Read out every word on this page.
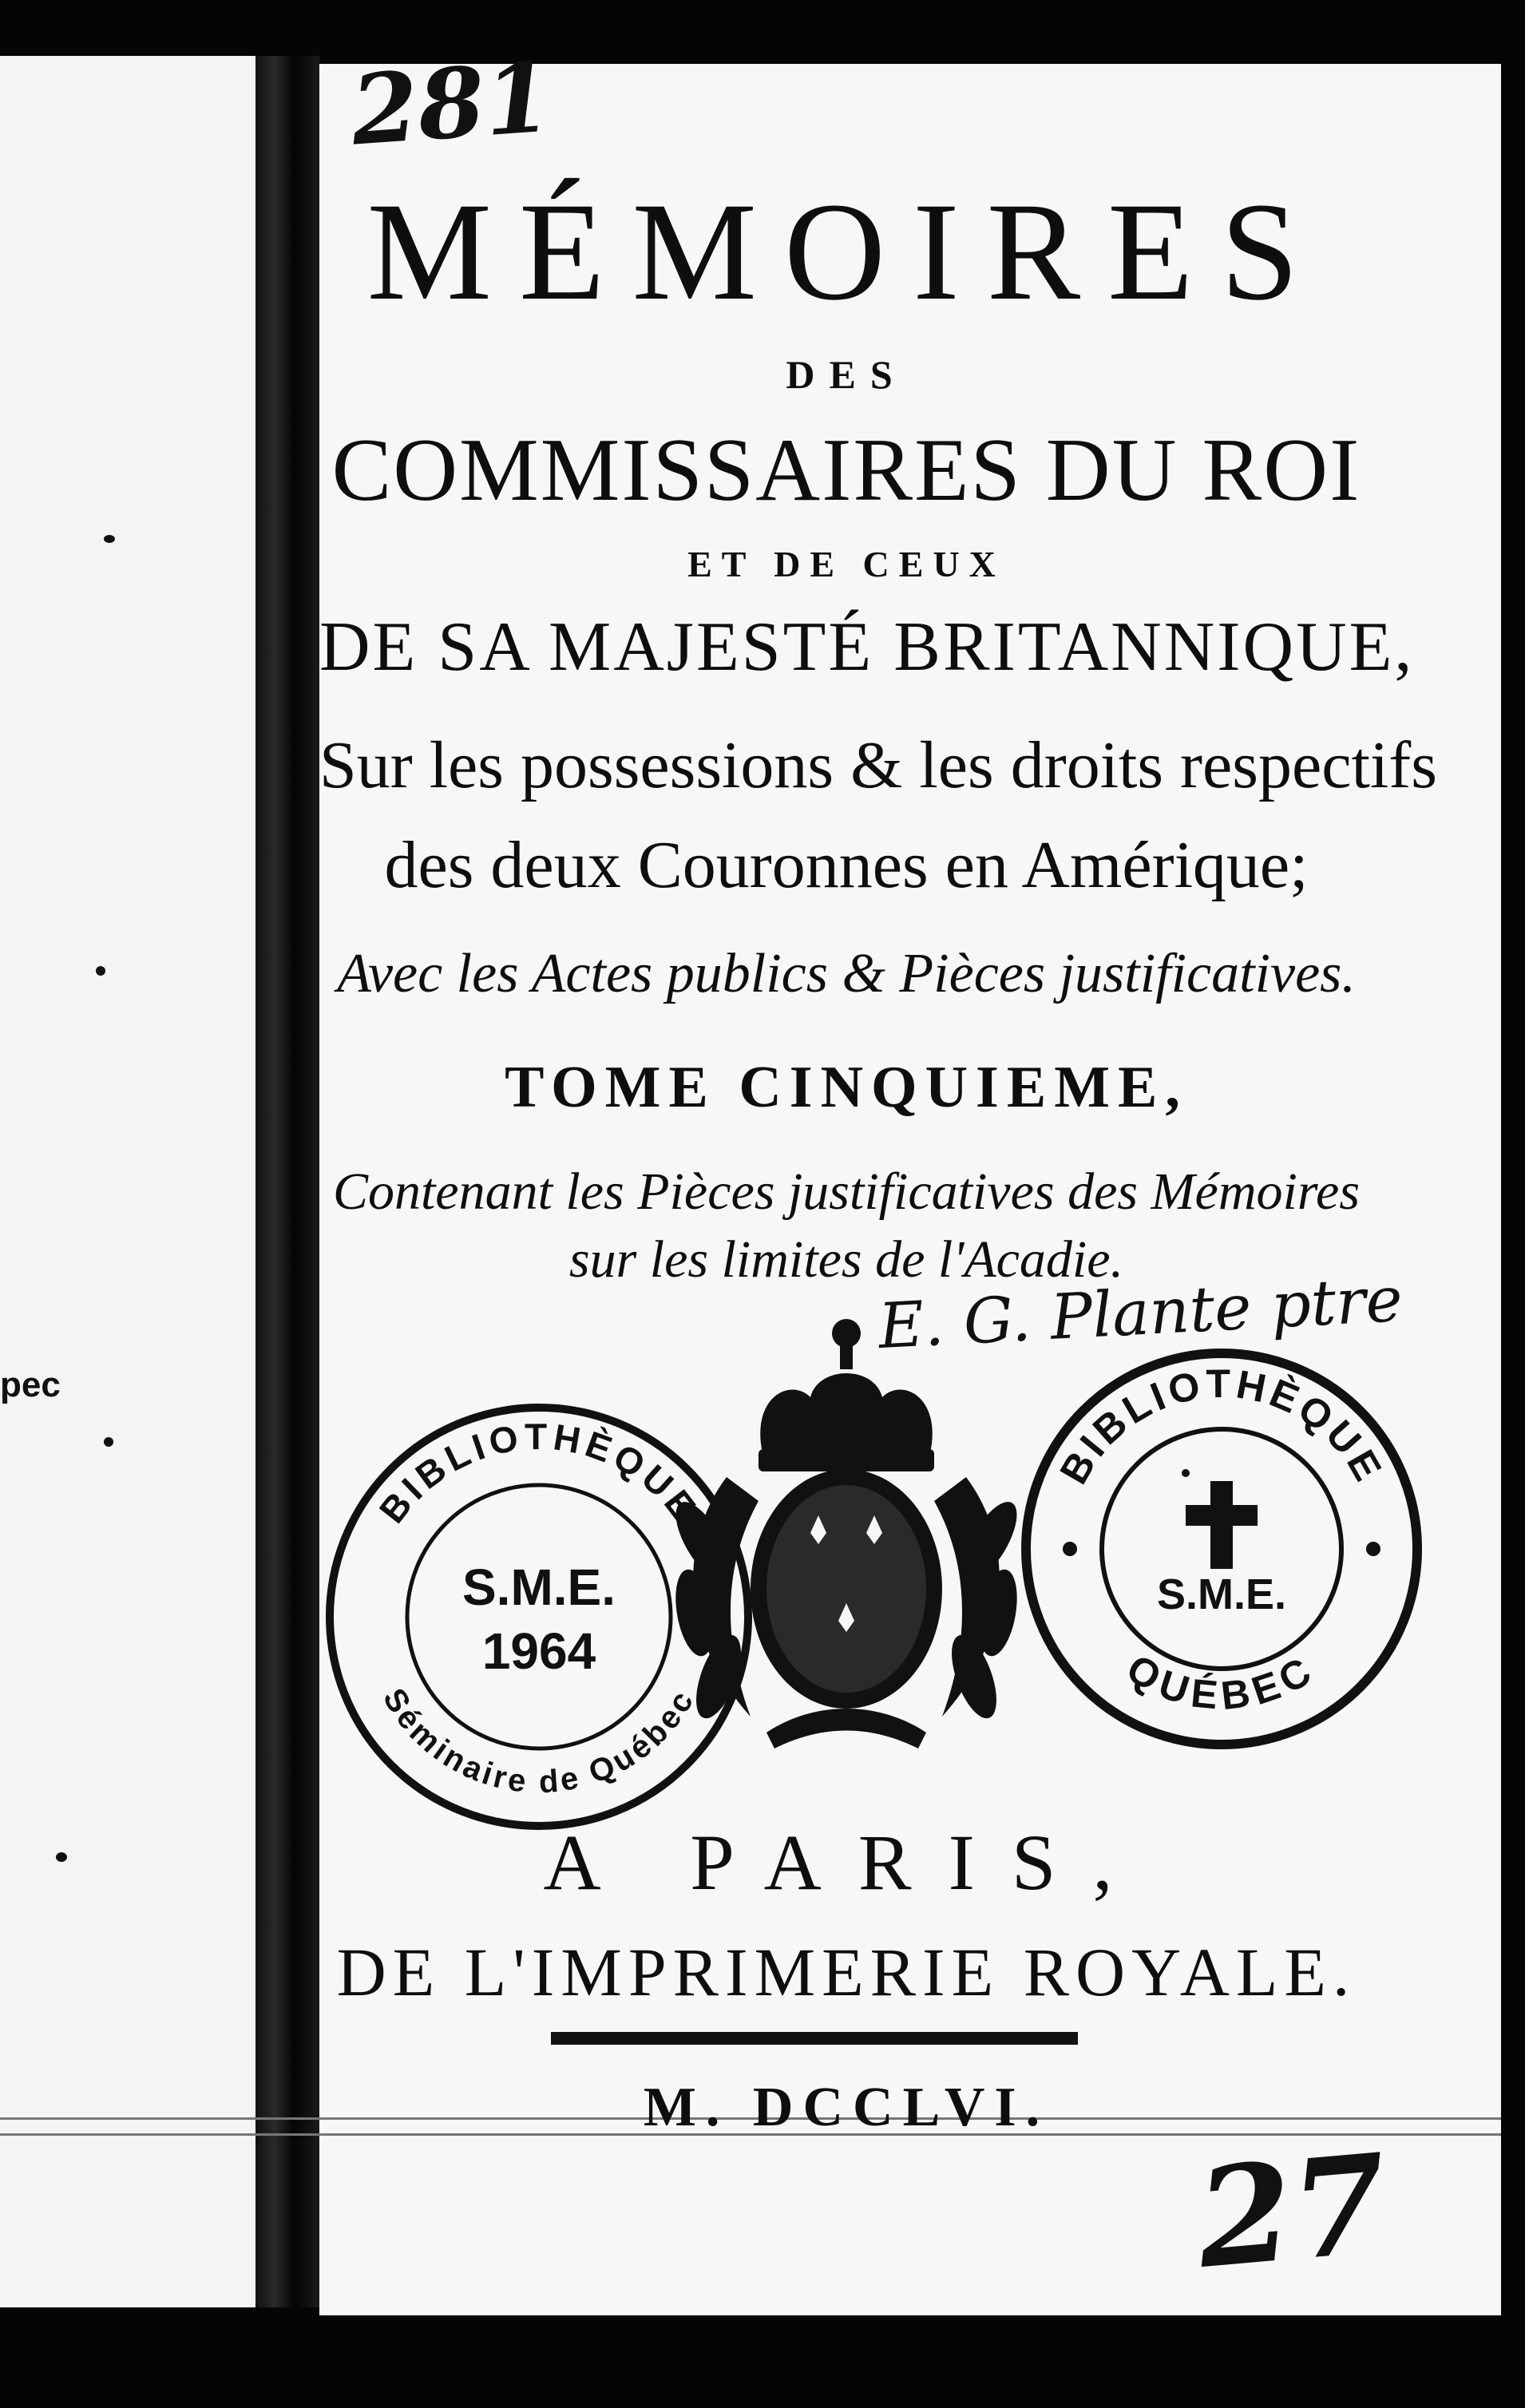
pec
281
MÉMOIRES
DES
COMMISSAIRES DU ROI
ET DE CEUX
DE SA MAJESTÉ BRITANNIQUE,
Sur les possessions & les droits respectifs
des deux Couronnes en Amérique;
Avec les Actes publics & Pièces justificatives.
TOME CINQUIEME,
Contenant les Pièces justificatives des Mémoires
sur les limites de l'Acadie.
E. G. Plante ptre
BIBLIOTHÈQUE
Séminaire de Québec
S.M.E.
1964
BIBLIOTHÈQUE
QUÉBEC
S.M.E.
A PARIS,
DE L'IMPRIMERIE ROYALE.
M. DCCLVI.
27
